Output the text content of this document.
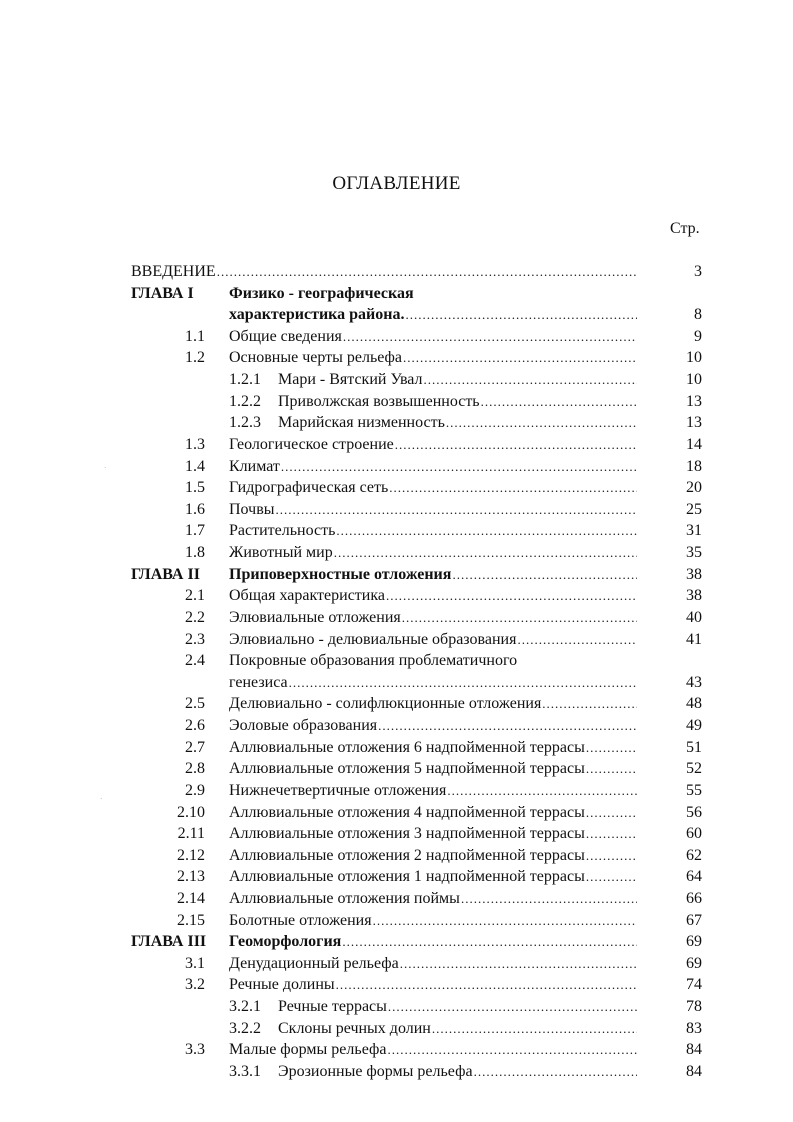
ОГЛАВЛЕНИЕ
Стр.
ВВЕДЕНИЕ .....	3
ГЛАВА I Физико - географическая
характеристика района. .....	8
1.1 Общие сведения .....	9
1.2 Основные черты рельефа .....	10
1.2.1 Мари - Вятский Увал .....	10
1.2.2 Приволжская возвышенность .....	13
1.2.3 Марийская низменность .....	13
1.3 Геологическое строение .....	14
1.4 Климат .....	18
1.5 Гидрографическая сеть .....	20
1.6 Почвы .....	25
1.7 Растительность .....	31
1.8 Животный мир .....	35
ГЛАВА II Приповерхностные отложения .....	38
2.1 Общая характеристика .....	38
2.2 Элювиальные отложения .....	40
2.3 Элювиально - делювиальные образования .....	41
2.4 Покровные образования проблематичного
генезиса .....	43
2.5 Делювиально - солифлюкционные отложения .....	48
2.6 Эоловые образования .....	49
2.7 Аллювиальные отложения 6 надпойменной террасы .....	51
2.8 Аллювиальные отложения 5 надпойменной террасы .....	52
2.9 Нижнечетвертичные отложения .....	55
2.10 Аллювиальные отложения 4 надпойменной террасы .....	56
2.11 Аллювиальные отложения 3 надпойменной террасы .....	60
2.12 Аллювиальные отложения 2 надпойменной террасы .....	62
2.13 Аллювиальные отложения 1 надпойменной террасы .....	64
2.14 Аллювиальные отложения поймы .....	66
2.15 Болотные отложения .....	67
ГЛАВА III Геоморфология .....	69
3.1 Денудационный рельефа .....	69
3.2 Речные долины .....	74
3.2.1 Речные террасы .....	78
3.2.2 Склоны речных долин .....	83
3.3 Малые формы рельефа .....	84
3.3.1 Эрозионные формы рельефа .....	84
˙
˙
